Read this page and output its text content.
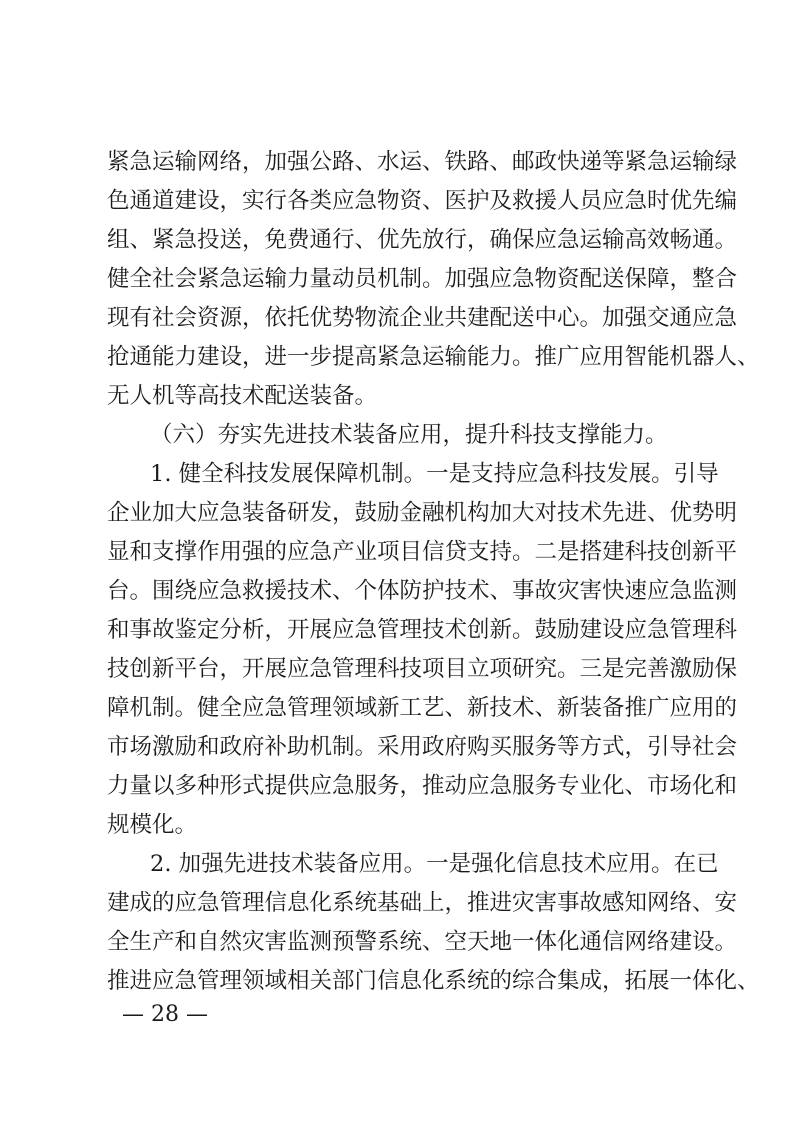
紧急运输网络，加强公路、水运、铁路、邮政快递等紧急运输绿
色通道建设，实行各类应急物资、医护及救援人员应急时优先编
组、紧急投送，免费通行、优先放行，确保应急运输高效畅通。
健全社会紧急运输力量动员机制。加强应急物资配送保障，整合
现有社会资源，依托优势物流企业共建配送中心。加强交通应急
抢通能力建设，进一步提高紧急运输能力。推广应用智能机器人、
无人机等高技术配送装备。
（六）夯实先进技术装备应用，提升科技支撑能力。
1. 健全科技发展保障机制。一是支持应急科技发展。引导
企业加大应急装备研发，鼓励金融机构加大对技术先进、优势明
显和支撑作用强的应急产业项目信贷支持。二是搭建科技创新平
台。围绕应急救援技术、个体防护技术、事故灾害快速应急监测
和事故鉴定分析，开展应急管理技术创新。鼓励建设应急管理科
技创新平台，开展应急管理科技项目立项研究。三是完善激励保
障机制。健全应急管理领域新工艺、新技术、新装备推广应用的
市场激励和政府补助机制。采用政府购买服务等方式，引导社会
力量以多种形式提供应急服务，推动应急服务专业化、市场化和
规模化。
2. 加强先进技术装备应用。一是强化信息技术应用。在已
建成的应急管理信息化系统基础上，推进灾害事故感知网络、安
全生产和自然灾害监测预警系统、空天地一体化通信网络建设。
推进应急管理领域相关部门信息化系统的综合集成，拓展一体化、
— 28 —
